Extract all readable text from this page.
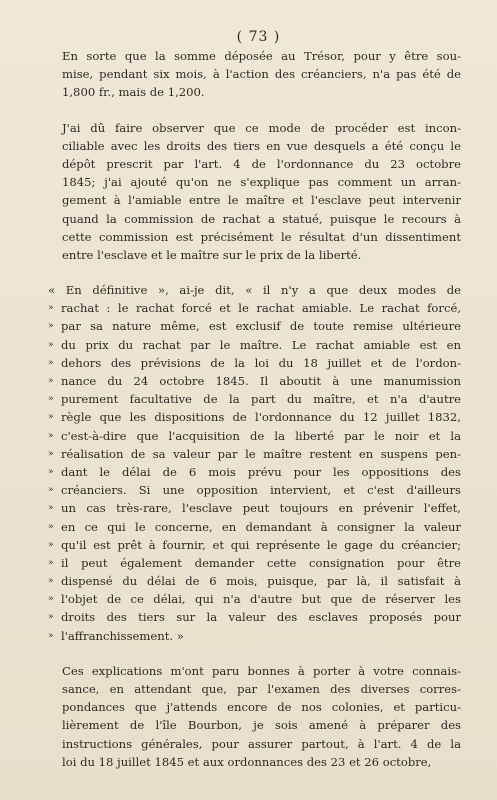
( 73 )
En sorte que la somme déposée au Trésor, pour y être sou-
mise, pendant six mois, à l'action des créanciers, n'a pas été de
1,800 fr., mais de 1,200.
J'ai dû faire observer que ce mode de procéder est incon-
ciliable avec les droits des tiers en vue desquels a été conçu le
dépôt prescrit par l'art. 4 de l'ordonnance du 23 octobre
1845; j'ai ajouté qu'on ne s'explique pas comment un arran-
gement à l'amiable entre le maître et l'esclave peut intervenir
quand la commission de rachat a statué, puisque le recours à
cette commission est précisément le résultat d'un dissentiment
entre l'esclave et le maître sur le prix de la liberté.
« En définitive », ai-je dit, « il n'y a que deux modes de
» rachat : le rachat forcé et le rachat amiable. Le rachat forcé,
» par sa nature même, est exclusif de toute remise ultérieure
» du prix du rachat par le maître. Le rachat amiable est en
» dehors des prévisions de la loi du 18 juillet et de l'ordon-
» nance du 24 octobre 1845. Il aboutit à une manumission
» purement facultative de la part du maître, et n'a d'autre
» règle que les dispositions de l'ordonnance du 12 juillet 1832,
» c'est-à-dire que l'acquisition de la liberté par le noir et la
» réalisation de sa valeur par le maître restent en suspens pen-
» dant le délai de 6 mois prévu pour les oppositions des
» créanciers. Si une opposition intervient, et c'est d'ailleurs
» un cas très-rare, l'esclave peut toujours en prévenir l'effet,
» en ce qui le concerne, en demandant à consigner la valeur
» qu'il est prêt à fournir, et qui représente le gage du créancier;
» il peut également demander cette consignation pour être
» dispensé du délai de 6 mois, puisque, par là, il satisfait à
» l'objet de ce délai, qui n'a d'autre but que de réserver les
» droits des tiers sur la valeur des esclaves proposés pour
» l'affranchissement. »
Ces explications m'ont paru bonnes à porter à votre connais-
sance, en attendant que, par l'examen des diverses corres-
pondances que j'attends encore de nos colonies, et particu-
lièrement de l'île Bourbon, je sois amené à préparer des
instructions générales, pour assurer partout, à l'art. 4 de la
loi du 18 juillet 1845 et aux ordonnances des 23 et 26 octobre,
